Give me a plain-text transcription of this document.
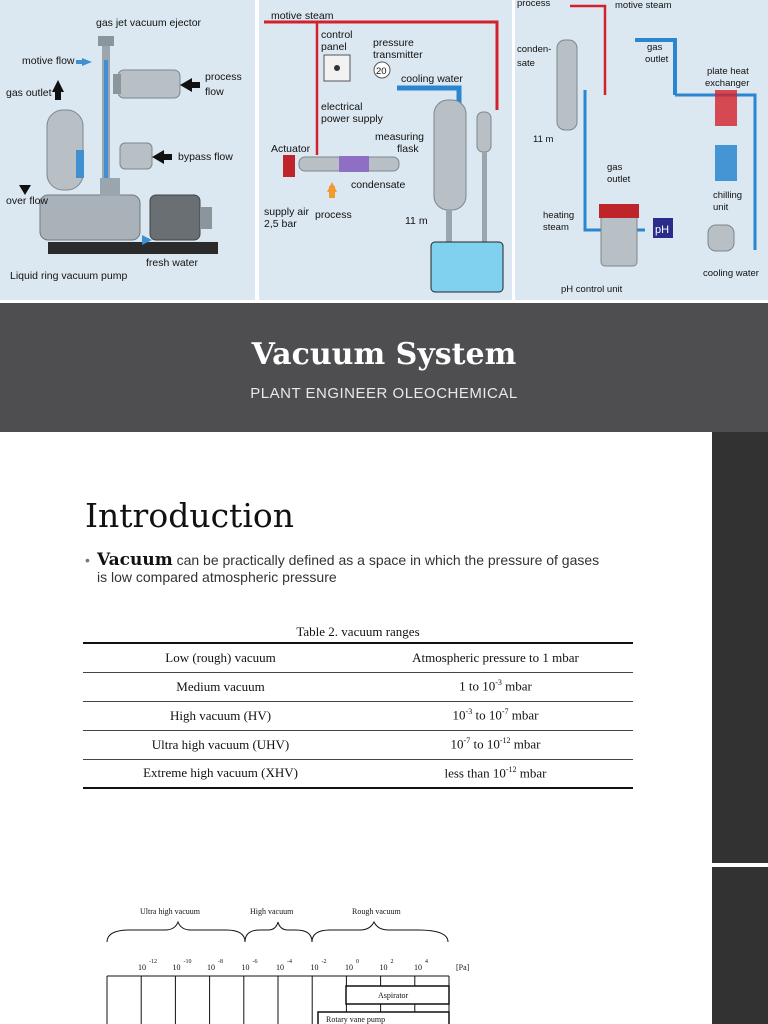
gas jet vacuum ejector
motive flow
gas outlet
process
flow
bypass flow
over flow
fresh water
Liquid ring vacuum pump
20
motive steam
control
panel	pressure
transmitter
cooling water
electrical
power supply
measuring
flask
Actuator
condensate
supply air
2,5 bar
process	11 m
pH
process	motive steam
conden-
sate
gas
outlet
plate heat
exchanger
11 m
gas
outlet
heating
steam
chilling
unit
pH control unit
cooling water
Vacuum System
PLANT ENGINEER OLEOCHEMICAL
Introduction
• Vacuum can be practically defined as a space in which the pressure of gases is low compared atmospheric pressure
Table 2. vacuum ranges
Low (rough) vacuum	Atmospheric pressure to 1 mbar
Medium vacuum	1 to $10^{-3}$ mbar
High vacuum (HV)	$10^{-3}$ to $10^{-7}$ mbar
Ultra high vacuum (UHV)	$10^{-7}$ to $10^{-12}$ mbar
Extreme high vacuum (XHV)	less than $10^{-12}$ mbar
Ultra high vacuum	High vacuum	Rough vacuum
10
-12
10
-10
10
-8
10
-6
10
-4
10
-2
10
0
10
2
10
4
[Pa]
Aspirator
Rotary vane pump
